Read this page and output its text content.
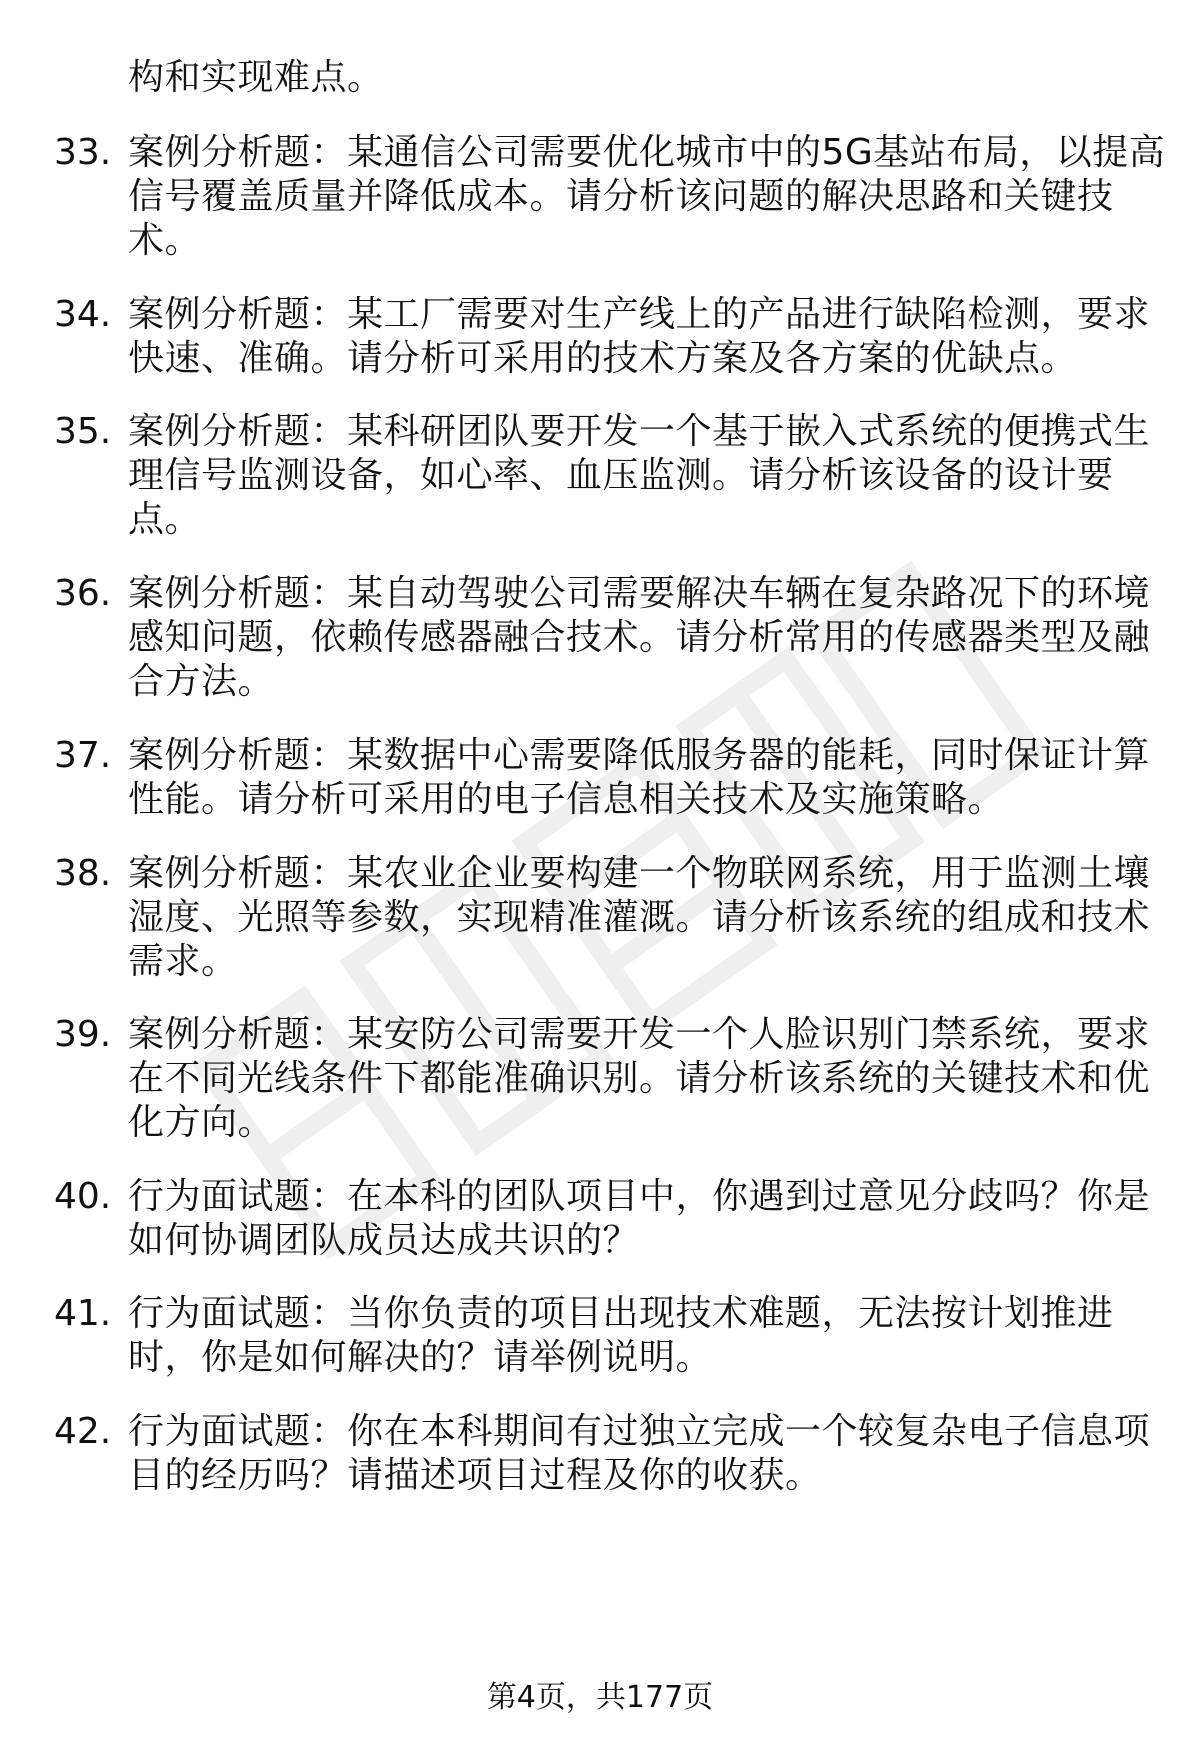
构和实现难点。
33. 案例分析题：某通信公司需要优化城市中的5G基站布局，以提高
信号覆盖质量并降低成本。请分析该问题的解决思路和关键技
术。
34. 案例分析题：某工厂需要对生产线上的产品进行缺陷检测，要求
快速、准确。请分析可采用的技术方案及各方案的优缺点。
35. 案例分析题：某科研团队要开发一个基于嵌入式系统的便携式生
理信号监测设备，如心率、血压监测。请分析该设备的设计要
点。
36. 案例分析题：某自动驾驶公司需要解决车辆在复杂路况下的环境
感知问题，依赖传感器融合技术。请分析常用的传感器类型及融
合方法。
37. 案例分析题：某数据中心需要降低服务器的能耗，同时保证计算
性能。请分析可采用的电子信息相关技术及实施策略。
38. 案例分析题：某农业企业要构建一个物联网系统，用于监测土壤
湿度、光照等参数，实现精准灌溉。请分析该系统的组成和技术
需求。
39. 案例分析题：某安防公司需要开发一个人脸识别门禁系统，要求
在不同光线条件下都能准确识别。请分析该系统的关键技术和优
化方向。
40. 行为面试题：在本科的团队项目中，你遇到过意见分歧吗？你是
如何协调团队成员达成共识的？
41. 行为面试题：当你负责的项目出现技术难题，无法按计划推进
时，你是如何解决的？请举例说明。
42. 行为面试题：你在本科期间有过独立完成一个较复杂电子信息项
目的经历吗？请描述项目过程及你的收获。
第4页，共177页
